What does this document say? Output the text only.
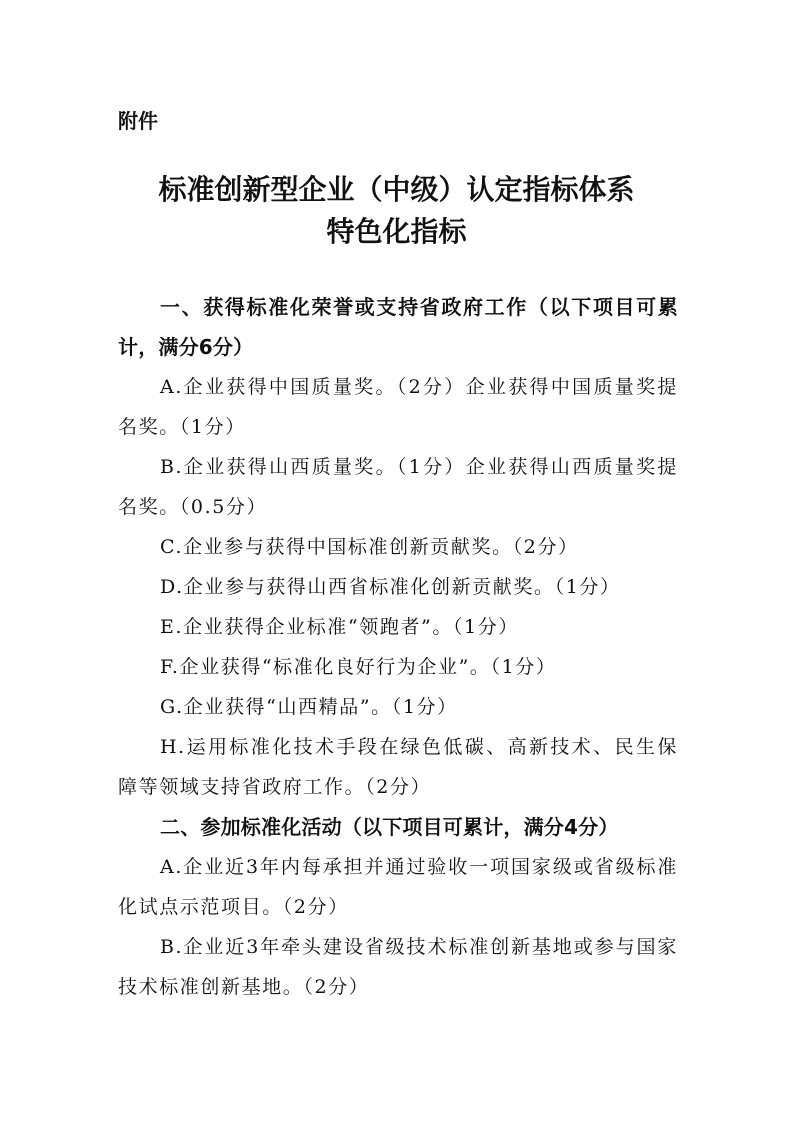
附件

标准创新型企业（中级）认定指标体系
特色化指标

一、获得标准化荣誉或支持省政府工作（以下项目可累计，满分6分）

A.企业获得中国质量奖。（2分）企业获得中国质量奖提名奖。（1分）

B.企业获得山西质量奖。（1分）企业获得山西质量奖提名奖。（0.5分）

C.企业参与获得中国标准创新贡献奖。（2分）

D.企业参与获得山西省标准化创新贡献奖。（1分）

E.企业获得企业标准“领跑者”。（1分）

F.企业获得“标准化良好行为企业”。（1分）

G.企业获得“山西精品”。（1分）

H.运用标准化技术手段在绿色低碳、高新技术、民生保障等领域支持省政府工作。（2分）

二、参加标准化活动（以下项目可累计，满分4分）

A.企业近3年内每承担并通过验收一项国家级或省级标准化试点示范项目。（2分）

B.企业近3年牵头建设省级技术标准创新基地或参与国家技术标准创新基地。（2分）
